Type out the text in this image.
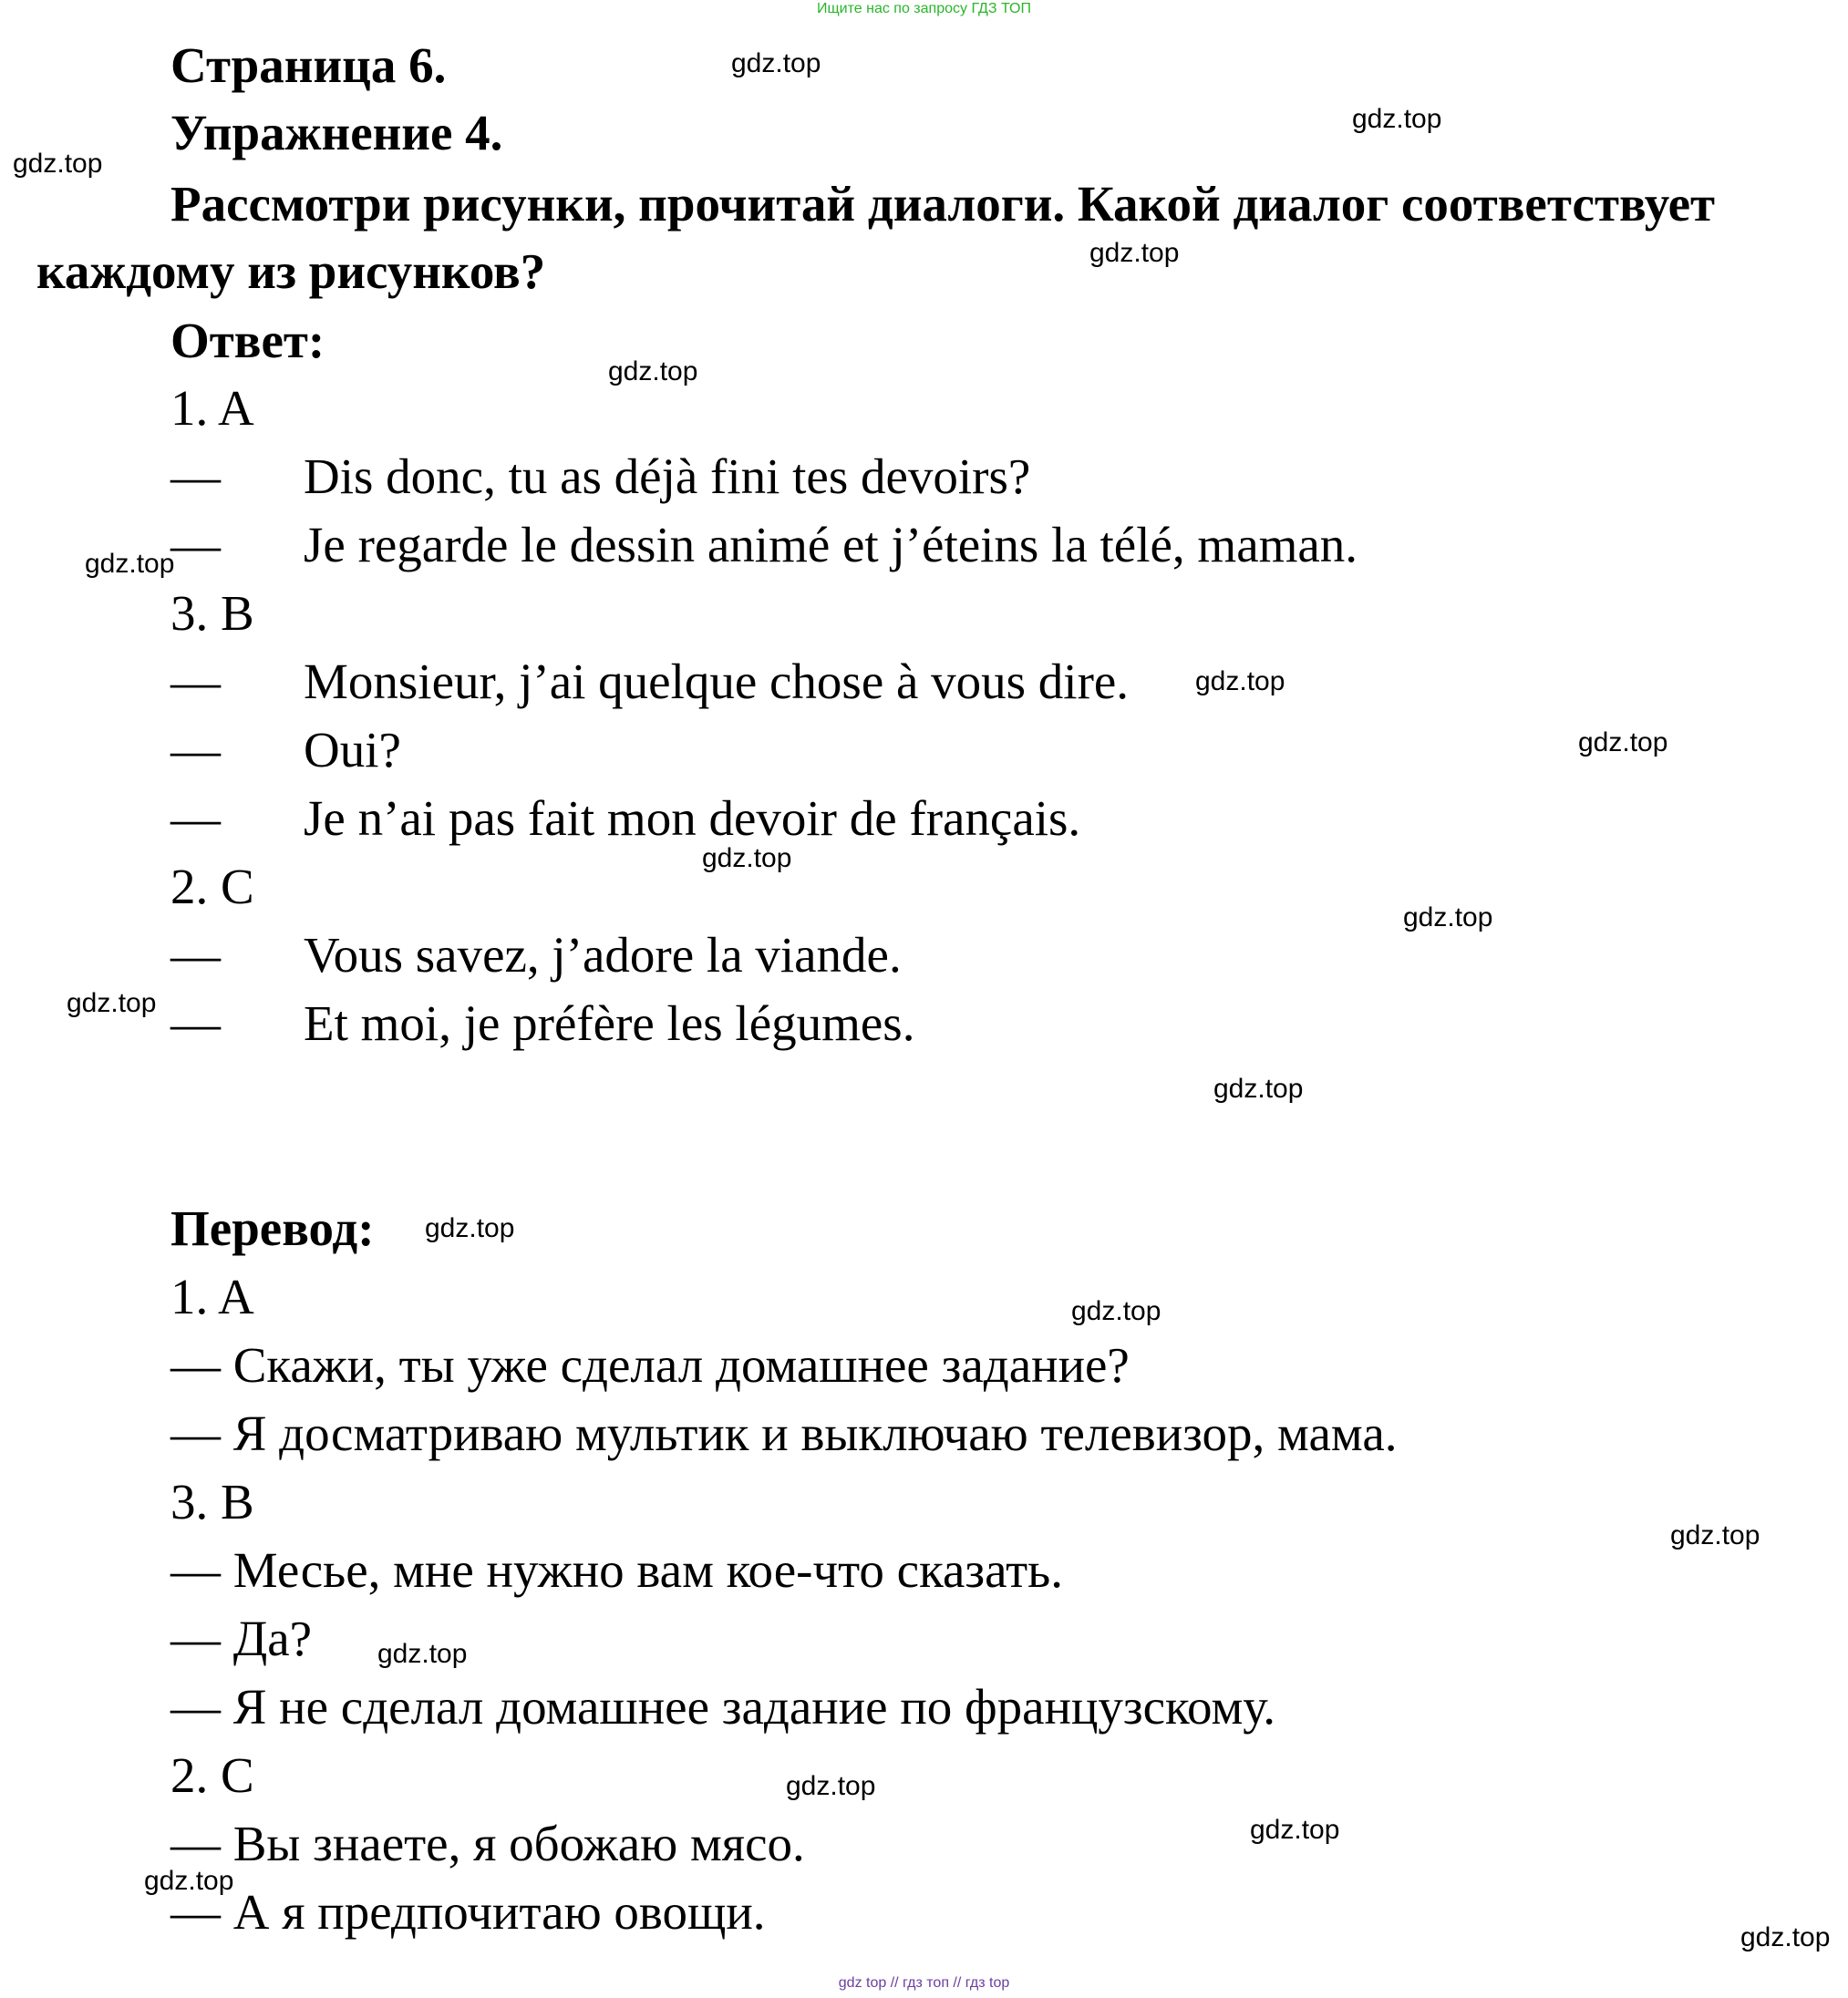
Ищите нас по запросу ГДЗ ТОП
Страница 6.
Упражнение 4.
Рассмотри рисунки, прочитай диалоги. Какой диалог соответствует
каждому из рисунков?
Ответ:
1. A
— Dis donc, tu as déjà fini tes devoirs?
— Je regarde le dessin animé et j’éteins la télé, maman.
3. B
— Monsieur, j’ai quelque chose à vous dire.
— Oui?
— Je n’ai pas fait mon devoir de français.
2. C
— Vous savez, j’adore la viande.
— Et moi, je préfère les légumes.
Перевод:
1. A
— Скажи, ты уже сделал домашнее задание?
— Я досматриваю мультик и выключаю телевизор, мама.
3. B
— Месье, мне нужно вам кое-что сказать.
— Да?
— Я не сделал домашнее задание по французскому.
2. C
— Вы знаете, я обожаю мясо.
— А я предпочитаю овощи.
gdz.top
gdz.top
gdz.top
gdz.top
gdz.top
gdz.top
gdz.top
gdz.top
gdz.top
gdz.top
gdz.top
gdz.top
gdz.top
gdz.top
gdz.top
gdz.top
gdz.top
gdz.top
gdz.top
gdz.top
gdz top // гдз топ // гдз top
